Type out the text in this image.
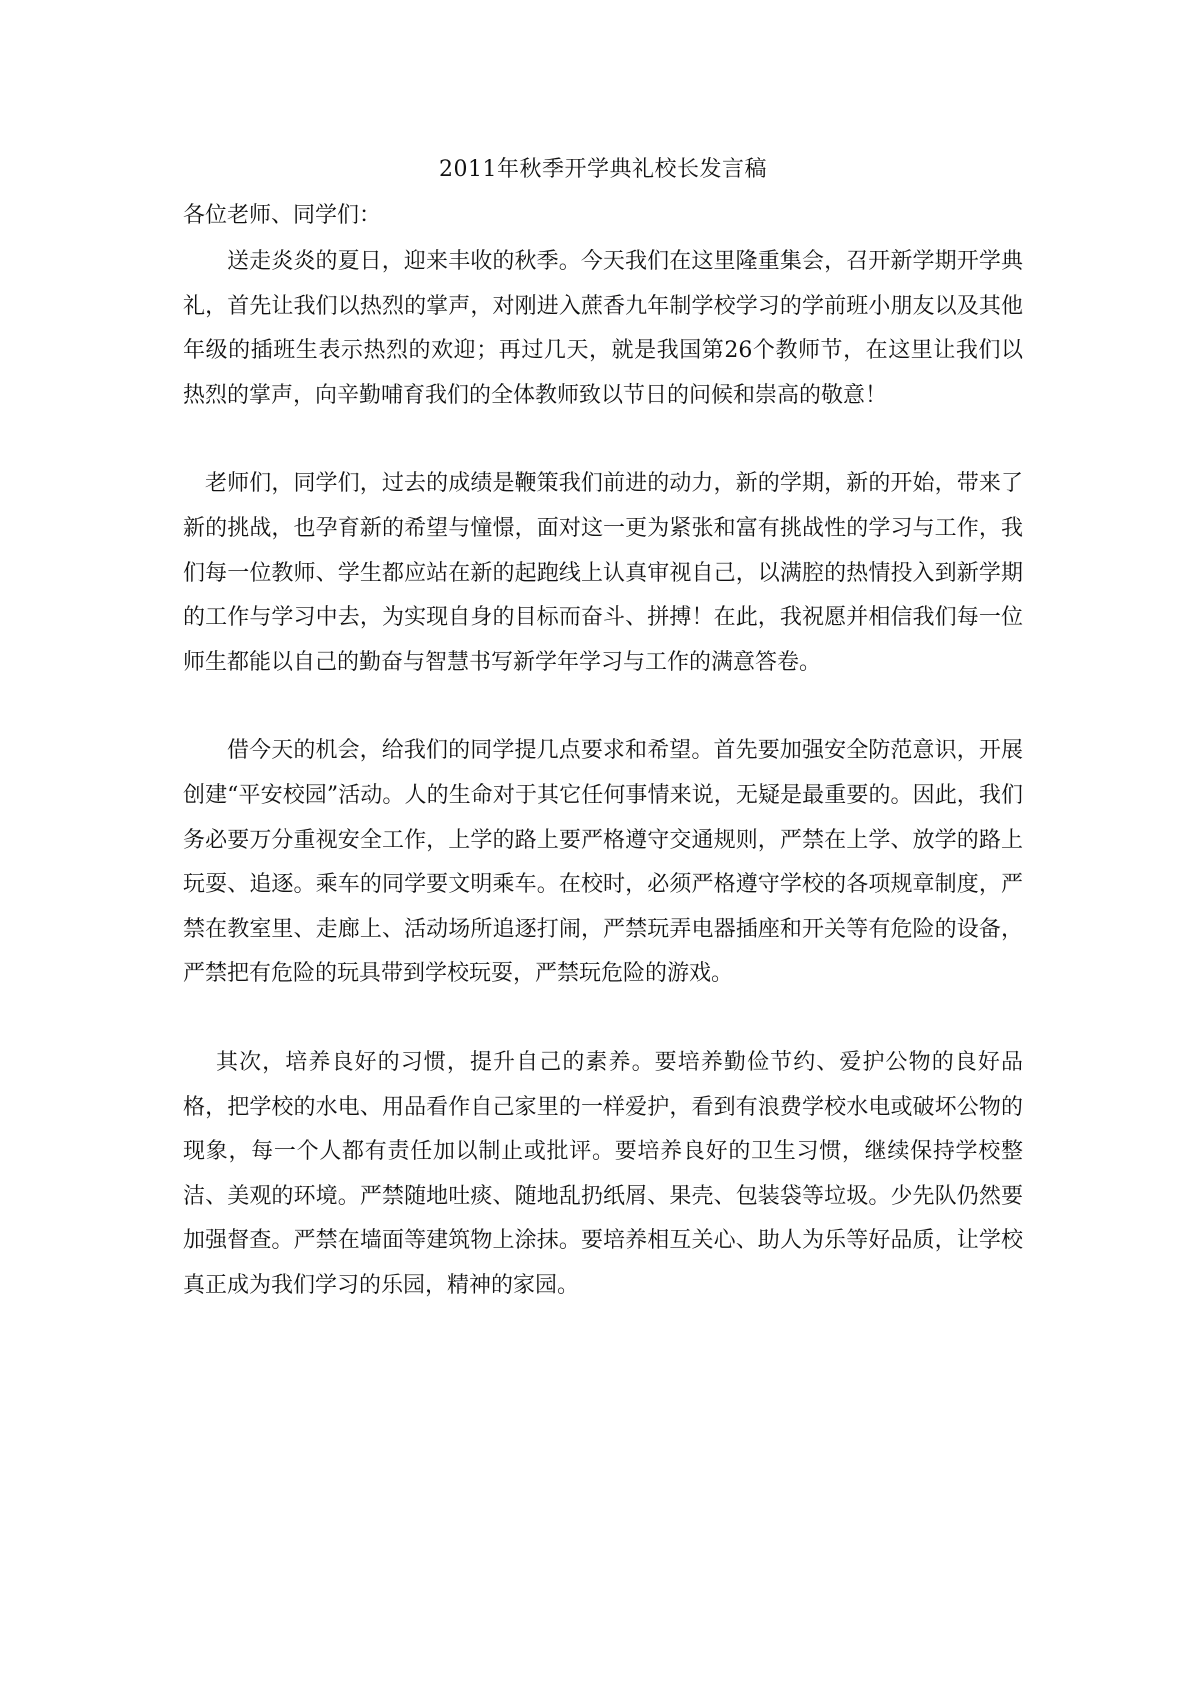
2011年秋季开学典礼校长发言稿
各位老师、同学们：

送走炎炎的夏日，迎来丰收的秋季。今天我们在这里隆重集会，召开新学期开学典礼，首先让我们以热烈的掌声，对刚进入蔗香九年制学校学习的学前班小朋友以及其他年级的插班生表示热烈的欢迎；再过几天，就是我国第26个教师节，在这里让我们以热烈的掌声，向辛勤哺育我们的全体教师致以节日的问候和崇高的敬意！

老师们，同学们，过去的成绩是鞭策我们前进的动力，新的学期，新的开始，带来了新的挑战，也孕育新的希望与憧憬，面对这一更为紧张和富有挑战性的学习与工作，我们每一位教师、学生都应站在新的起跑线上认真审视自己，以满腔的热情投入到新学期的工作与学习中去，为实现自身的目标而奋斗、拼搏！在此，我祝愿并相信我们每一位师生都能以自己的勤奋与智慧书写新学年学习与工作的满意答卷。

借今天的机会，给我们的同学提几点要求和希望。首先要加强安全防范意识，开展创建“平安校园”活动。人的生命对于其它任何事情来说，无疑是最重要的。因此，我们务必要万分重视安全工作，上学的路上要严格遵守交通规则，严禁在上学、放学的路上玩耍、追逐。乘车的同学要文明乘车。在校时，必须严格遵守学校的各项规章制度，严禁在教室里、走廊上、活动场所追逐打闹，严禁玩弄电器插座和开关等有危险的设备，严禁把有危险的玩具带到学校玩耍，严禁玩危险的游戏。

其次，培养良好的习惯，提升自己的素养。要培养勤俭节约、爱护公物的良好品格，把学校的水电、用品看作自己家里的一样爱护，看到有浪费学校水电或破坏公物的现象，每一个人都有责任加以制止或批评。要培养良好的卫生习惯，继续保持学校整洁、美观的环境。严禁随地吐痰、随地乱扔纸屑、果壳、包装袋等垃圾。少先队仍然要加强督查。严禁在墙面等建筑物上涂抹。要培养相互关心、助人为乐等好品质，让学校真正成为我们学习的乐园，精神的家园。
